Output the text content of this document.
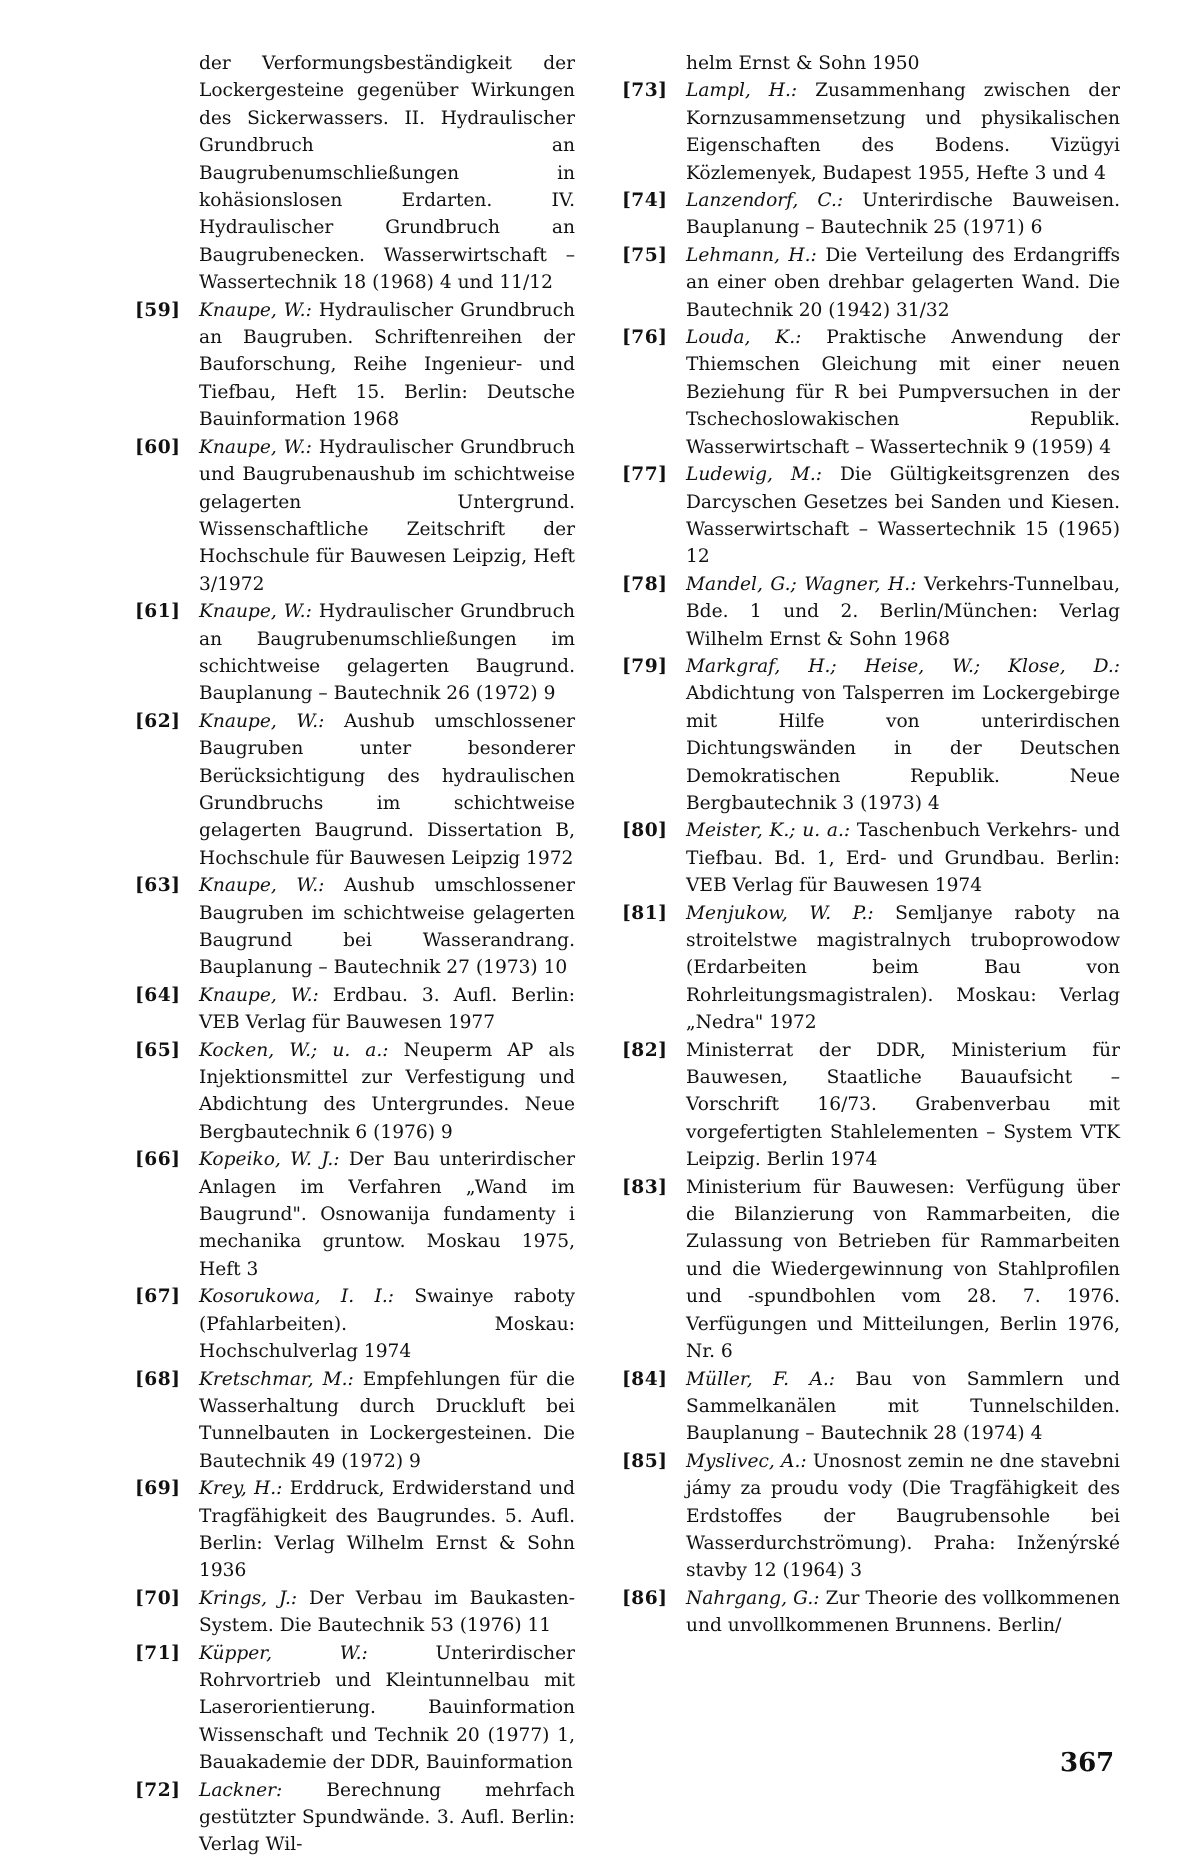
der Verformungsbeständigkeit der Lockergesteine gegenüber Wirkungen des Sickerwassers. II. Hydraulischer Grundbruch an Baugrubenumschließungen in kohäsionslosen Erdarten. IV. Hydraulischer Grundbruch an Baugrubenecken. Wasserwirtschaft – Wassertechnik 18 (1968) 4 und 11/12
[59] Knaupe, W.: Hydraulischer Grundbruch an Baugruben. Schriftenreihen der Bauforschung, Reihe Ingenieur- und Tiefbau, Heft 15. Berlin: Deutsche Bauinformation 1968
[60] Knaupe, W.: Hydraulischer Grundbruch und Baugrubenaushub im schichtweise gelagerten Untergrund. Wissenschaftliche Zeitschrift der Hochschule für Bauwesen Leipzig, Heft 3/1972
[61] Knaupe, W.: Hydraulischer Grundbruch an Baugrubenumschließungen im schichtweise gelagerten Baugrund. Bauplanung – Bautechnik 26 (1972) 9
[62] Knaupe, W.: Aushub umschlossener Baugruben unter besonderer Berücksichtigung des hydraulischen Grundbruchs im schichtweise gelagerten Baugrund. Dissertation B, Hochschule für Bauwesen Leipzig 1972
[63] Knaupe, W.: Aushub umschlossener Baugruben im schichtweise gelagerten Baugrund bei Wasserandrang. Bauplanung – Bautechnik 27 (1973) 10
[64] Knaupe, W.: Erdbau. 3. Aufl. Berlin: VEB Verlag für Bauwesen 1977
[65] Kocken, W.; u. a.: Neuperm AP als Injektionsmittel zur Verfestigung und Abdichtung des Untergrundes. Neue Bergbautechnik 6 (1976) 9
[66] Kopeiko, W. J.: Der Bau unterirdischer Anlagen im Verfahren „Wand im Baugrund". Osnowanija fundamenty i mechanika gruntow. Moskau 1975, Heft 3
[67] Kosorukowa, I. I.: Swainye raboty (Pfahlarbeiten). Moskau: Hochschulverlag 1974
[68] Kretschmar, M.: Empfehlungen für die Wasserhaltung durch Druckluft bei Tunnelbauten in Lockergesteinen. Die Bautechnik 49 (1972) 9
[69] Krey, H.: Erddruck, Erdwiderstand und Tragfähigkeit des Baugrundes. 5. Aufl. Berlin: Verlag Wilhelm Ernst & Sohn 1936
[70] Krings, J.: Der Verbau im Baukasten-System. Die Bautechnik 53 (1976) 11
[71] Küpper, W.:	Unterirdischer Rohrvortrieb und Kleintunnelbau mit Laserorientierung. Bauinformation Wissenschaft und Technik 20 (1977) 1, Bauakademie der DDR, Bauinformation
[72] Lackner: Berechnung mehrfach gestützter Spundwände. 3. Aufl. Berlin: Verlag Wil-
helm Ernst & Sohn 1950
[73] Lampl, H.: Zusammenhang zwischen der Kornzusammensetzung und physikalischen Eigenschaften des Bodens. Vizügyi Közlemenyek, Budapest 1955, Hefte 3 und 4
[74] Lanzendorf, C.: Unterirdische Bauweisen. Bauplanung – Bautechnik 25 (1971) 6
[75] Lehmann, H.: Die Verteilung des Erdangriffs an einer oben drehbar gelagerten Wand. Die Bautechnik 20 (1942) 31/32
[76] Louda, K.: Praktische Anwendung der Thiemschen Gleichung mit einer neuen Beziehung für R bei Pumpversuchen in der Tschechoslowakischen Republik. Wasserwirtschaft – Wassertechnik 9 (1959) 4
[77] Ludewig, M.: Die Gültigkeitsgrenzen des Darcyschen Gesetzes bei Sanden und Kiesen. Wasserwirtschaft – Wassertechnik 15 (1965) 12
[78] Mandel, G.; Wagner, H.: Verkehrs-Tunnelbau, Bde. 1 und 2. Berlin/München: Verlag Wilhelm Ernst & Sohn 1968
[79] Markgraf, H.; Heise, W.; Klose, D.: Abdichtung von Talsperren im Lockergebirge mit Hilfe von unterirdischen Dichtungswänden in der Deutschen Demokratischen Republik. Neue Bergbautechnik 3 (1973) 4
[80] Meister, K.; u. a.: Taschenbuch Verkehrs- und Tiefbau. Bd. 1, Erd- und Grundbau. Berlin: VEB Verlag für Bauwesen 1974
[81] Menjukow, W. P.: Semljanye raboty na stroitelstwe magistralnych truboprowodow (Erdarbeiten beim Bau von Rohrleitungsmagistralen). Moskau: Verlag „Nedra" 1972
[82] Ministerrat der DDR, Ministerium für Bauwesen, Staatliche Bauaufsicht – Vorschrift 16/73. Grabenverbau mit vorgefertigten Stahlelementen – System VTK Leipzig. Berlin 1974
[83] Ministerium für Bauwesen: Verfügung über die Bilanzierung von Rammarbeiten, die Zulassung von Betrieben für Rammarbeiten und die Wiedergewinnung von Stahlprofilen und -spundbohlen vom 28. 7. 1976. Verfügungen und Mitteilungen, Berlin 1976, Nr. 6
[84] Müller, F. A.: Bau von Sammlern und Sammelkanälen mit Tunnelschilden. Bauplanung – Bautechnik 28 (1974) 4
[85] Myslivec, A.: Unosnost zemin ne dne stavebni jámy za proudu vody (Die Tragfähigkeit des Erdstoffes der Baugrubensohle bei Wasserdurchströmung). Praha: Inženýrské stavby 12 (1964) 3
[86] Nahrgang, G.: Zur Theorie des vollkommenen und unvollkommenen Brunnens. Berlin/
367
